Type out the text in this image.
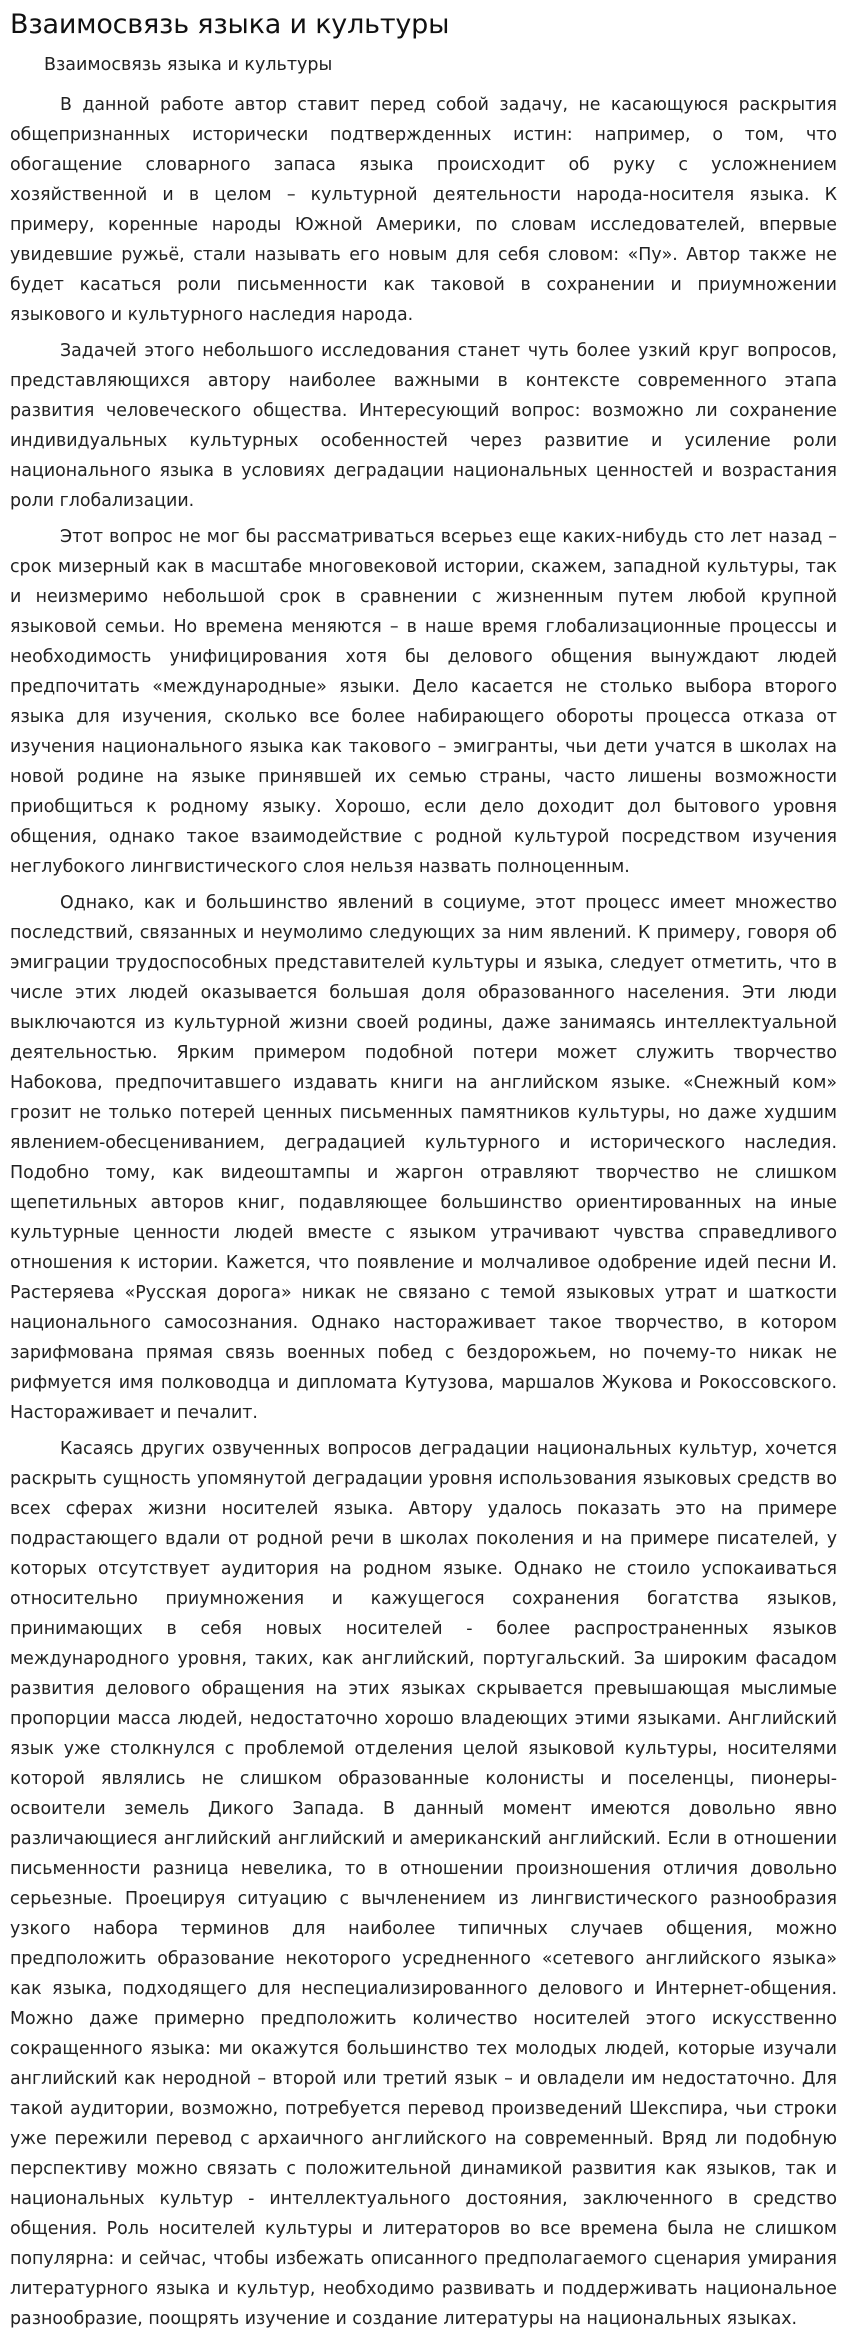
Взаимосвязь языка и культуры
Взаимосвязь языка и культуры

В данной работе автор ставит перед собой задачу, не касающуюся раскрытия общепризнанных исторически подтвержденных истин: например, о том, что обогащение словарного запаса языка происходит об руку с усложнением хозяйственной и в целом – культурной деятельности народа-носителя языка. К примеру, коренные народы Южной Америки, по словам исследователей, впервые увидевшие ружьё, стали называть его новым для себя словом: «Пу». Автор также не будет касаться роли письменности как таковой в сохранении и приумножении языкового и культурного наследия народа.

Задачей этого небольшого исследования станет чуть более узкий круг вопросов, представляющихся автору наиболее важными в контексте современного этапа развития человеческого общества. Интересующий вопрос: возможно ли сохранение индивидуальных культурных особенностей через развитие и усиление роли национального языка в условиях деградации национальных ценностей и возрастания роли глобализации.

Этот вопрос не мог бы рассматриваться всерьез еще каких-нибудь сто лет назад – срок мизерный как в масштабе многовековой истории, скажем, западной культуры, так и неизмеримо небольшой срок в сравнении с жизненным путем любой крупной языковой семьи. Но времена меняются – в наше время глобализационные процессы и необходимость унифицирования хотя бы делового общения вынуждают людей предпочитать «международные» языки. Дело касается не столько выбора второго языка для изучения, сколько все более набирающего обороты процесса отказа от изучения национального языка как такового – эмигранты, чьи дети учатся в школах на новой родине на языке принявшей их семью страны, часто лишены возможности приобщиться к родному языку. Хорошо, если дело доходит дол бытового уровня общения, однако такое взаимодействие с родной культурой посредством изучения неглубокого лингвистического слоя нельзя назвать полноценным.

Однако, как и большинство явлений в социуме, этот процесс имеет множество последствий, связанных и неумолимо следующих за ним явлений. К примеру, говоря об эмиграции трудоспособных представителей культуры и языка, следует отметить, что в числе этих людей оказывается большая доля образованного населения. Эти люди выключаются из культурной жизни своей родины, даже занимаясь интеллектуальной деятельностью. Ярким примером подобной потери может служить творчество Набокова, предпочитавшего издавать книги на английском языке. «Снежный ком» грозит не только потерей ценных письменных памятников культуры, но даже худшим явлением-обесцениванием, деградацией культурного и исторического наследия. Подобно тому, как видеоштампы и жаргон отравляют творчество не слишком щепетильных авторов книг, подавляющее большинство ориентированных на иные культурные ценности людей вместе с языком утрачивают чувства справедливого отношения к истории. Кажется, что появление и молчаливое одобрение идей песни И. Растеряева «Русская дорога» никак не связано с темой языковых утрат и шаткости национального самосознания. Однако настораживает такое творчество, в котором зарифмована прямая связь военных побед с бездорожьем, но почему-то никак не рифмуется имя полководца и дипломата Кутузова, маршалов Жукова и Рокоссовского. Настораживает и печалит.

Касаясь других озвученных вопросов деградации национальных культур, хочется раскрыть сущность упомянутой деградации уровня использования языковых средств во всех сферах жизни носителей языка. Автору удалось показать это на примере подрастающего вдали от родной речи в школах поколения и на примере писателей, у которых отсутствует аудитория на родном языке. Однако не стоило успокаиваться относительно приумножения и кажущегося сохранения богатства языков, принимающих в себя новых носителей - более распространенных языков международного уровня, таких, как английский, португальский. За широким фасадом развития делового обращения на этих языках скрывается превышающая мыслимые пропорции масса людей, недостаточно хорошо владеющих этими языками. Английский язык уже столкнулся с проблемой отделения целой языковой культуры, носителями которой являлись не слишком образованные колонисты и поселенцы, пионеры-освоители земель Дикого Запада. В данный момент имеются довольно явно различающиеся английский английский и американский английский. Если в отношении письменности разница невелика, то в отношении произношения отличия довольно серьезные. Проецируя ситуацию с вычленением из лингвистического разнообразия узкого набора терминов для наиболее типичных случаев общения, можно предположить образование некоторого усредненного «сетевого английского языка» как языка, подходящего для неспециализированного делового и Интернет-общения. Можно даже примерно предположить количество носителей этого искусственно сокращенного языка: ми окажутся большинство тех молодых людей, которые изучали английский как неродной – второй или третий язык – и овладели им недостаточно. Для такой аудитории, возможно, потребуется перевод произведений Шекспира, чьи строки уже пережили перевод с архаичного английского на современный. Вряд ли подобную перспективу можно связать с положительной динамикой развития как языков, так и национальных культур - интеллектуального достояния, заключенного в средство общения. Роль носителей культуры и литераторов во все времена была не слишком популярна: и сейчас, чтобы избежать описанного предполагаемого сценария умирания литературного языка и культур, необходимо развивать и поддерживать национальное разнообразие, поощрять изучение и создание литературы на национальных языках.
